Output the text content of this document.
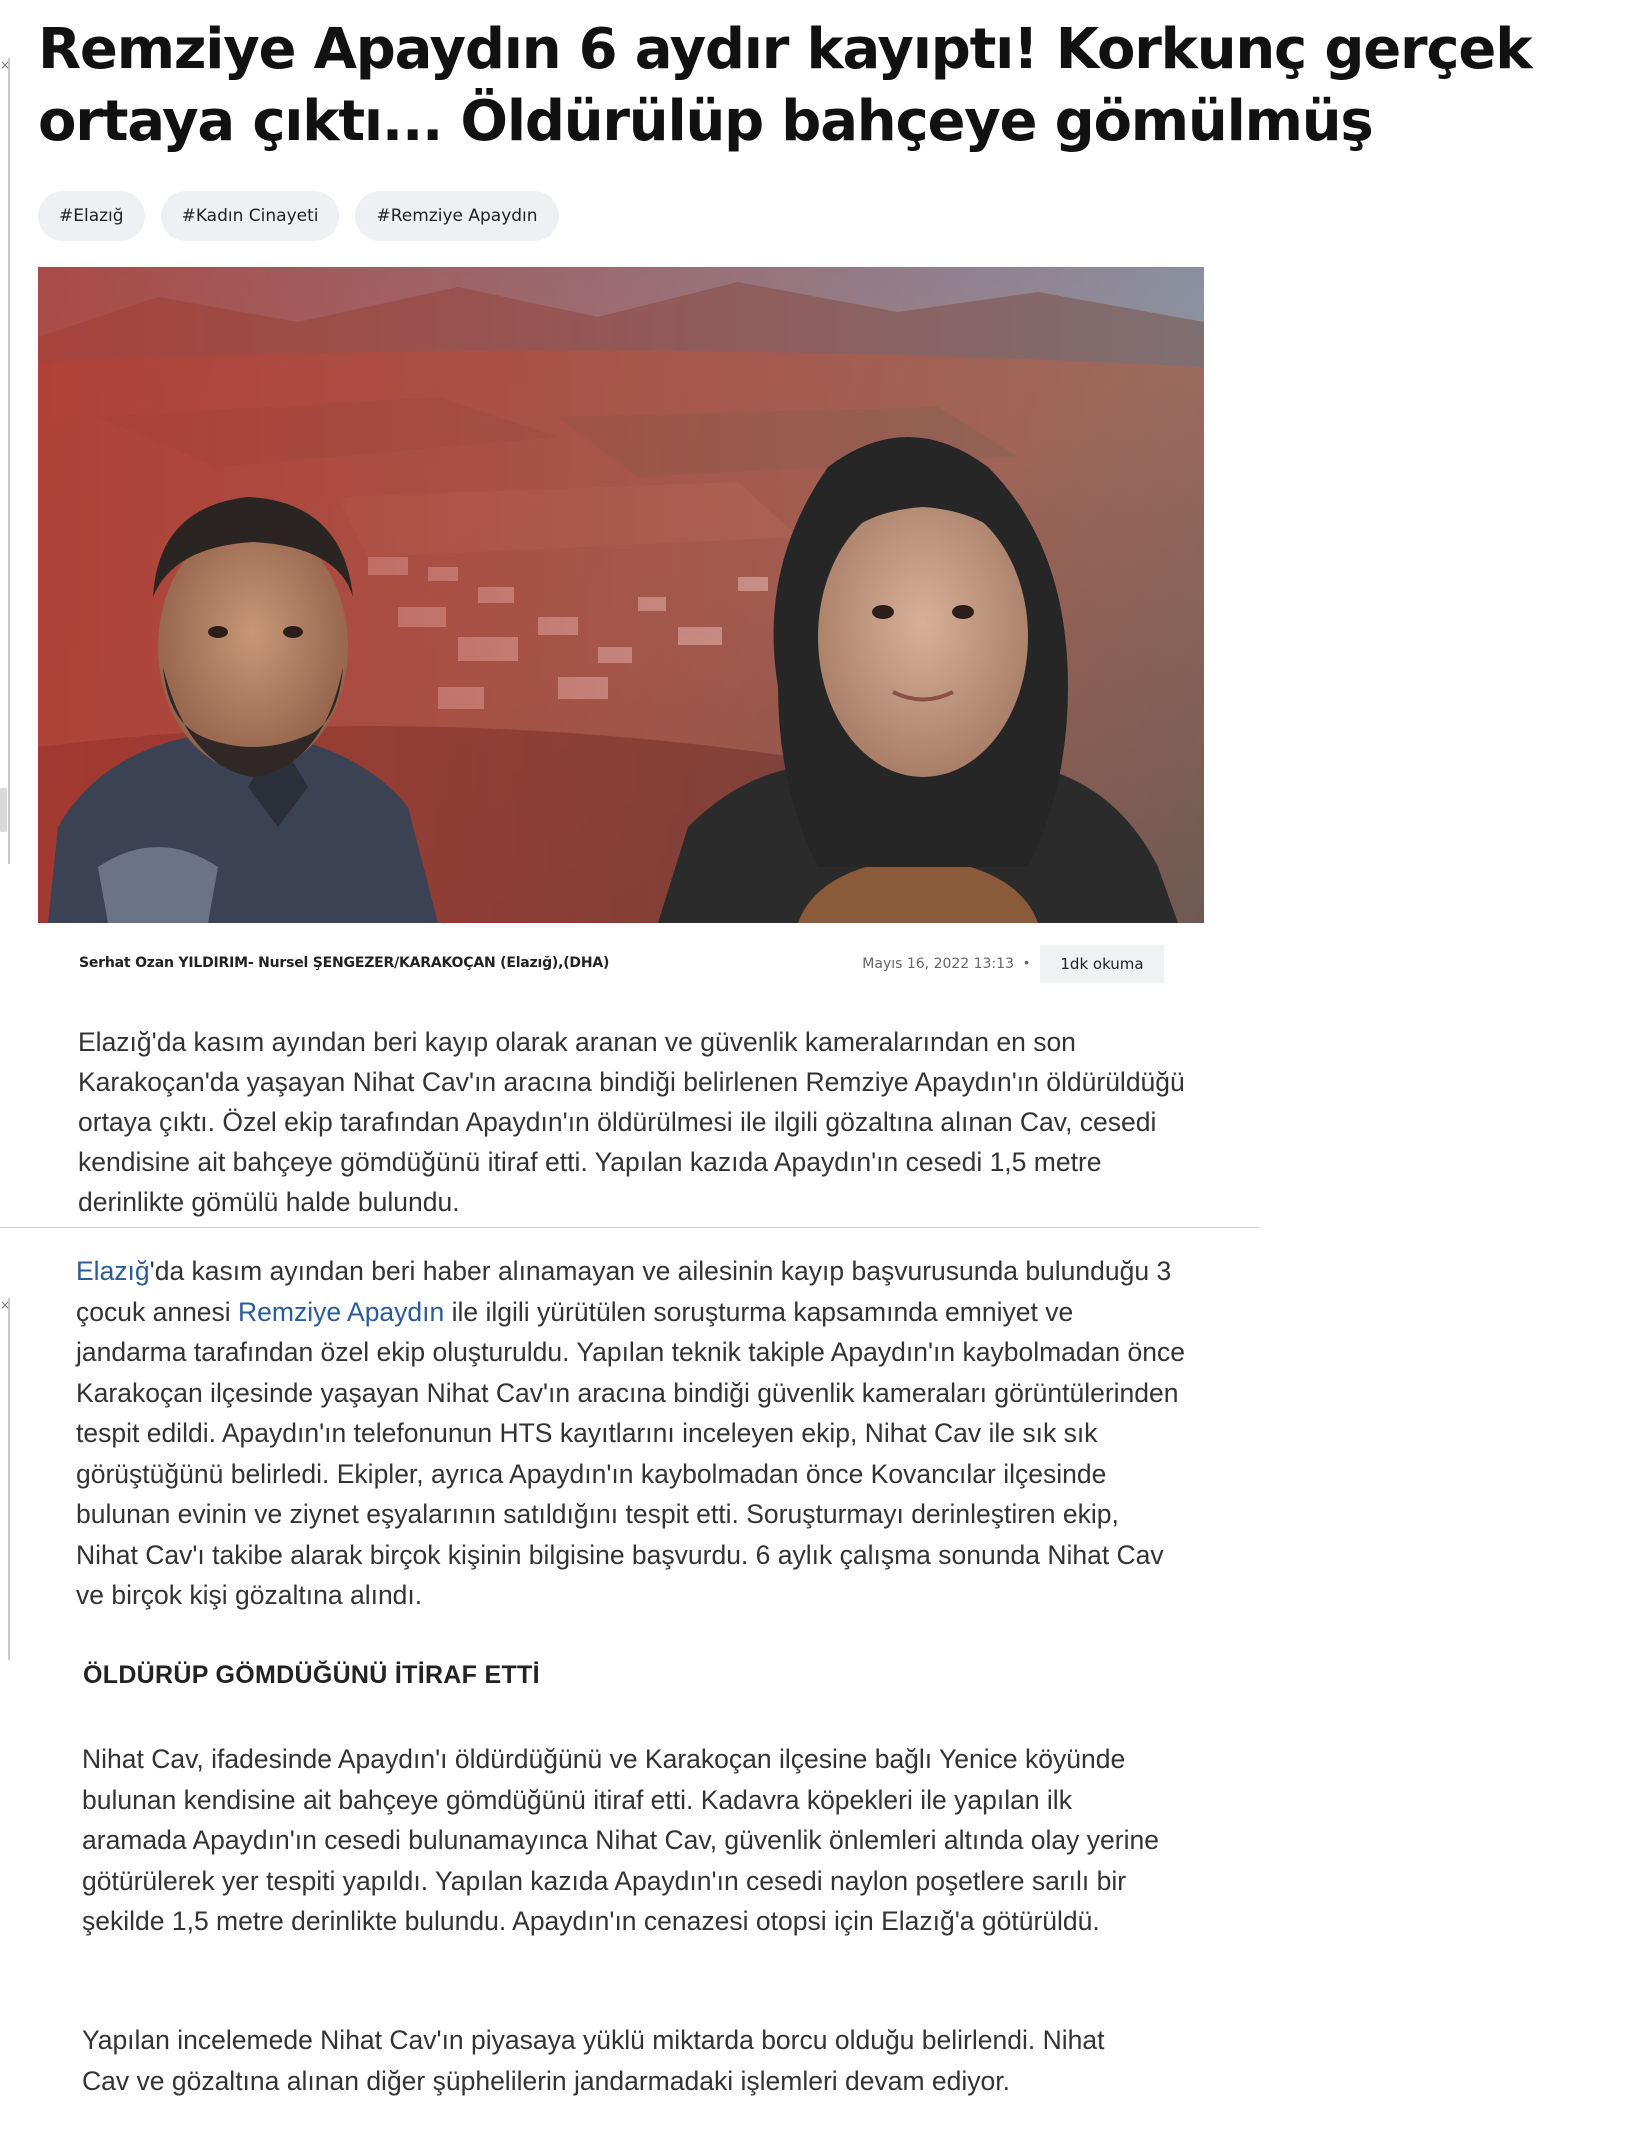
×
×
Remziye Apaydın 6 aydır kayıptı! Korkunç gerçek ortaya çıktı... Öldürülüp bahçeye gömülmüş
#Elazığ	#Kadın Cinayeti	#Remziye Apaydın
Serhat Ozan YILDIRIM- Nursel ŞENGEZER/KARAKOÇAN (Elazığ),(DHA)	Mayıs 16, 2022 13:13 •	1dk okuma

Elazığ'da kasım ayından beri kayıp olarak aranan ve güvenlik kameralarından en son Karakoçan'da yaşayan Nihat Cav'ın aracına bindiği belirlenen Remziye Apaydın'ın öldürüldüğü ortaya çıktı. Özel ekip tarafından Apaydın'ın öldürülmesi ile ilgili gözaltına alınan Cav, cesedi kendisine ait bahçeye gömdüğünü itiraf etti. Yapılan kazıda Apaydın'ın cesedi 1,5 metre derinlikte gömülü halde bulundu.

Elazığ'da kasım ayından beri haber alınamayan ve ailesinin kayıp başvurusunda bulunduğu 3 çocuk annesi Remziye Apaydın ile ilgili yürütülen soruşturma kapsamında emniyet ve jandarma tarafından özel ekip oluşturuldu. Yapılan teknik takiple Apaydın'ın kaybolmadan önce Karakoçan ilçesinde yaşayan Nihat Cav'ın aracına bindiği güvenlik kameraları görüntülerinden tespit edildi. Apaydın'ın telefonunun HTS kayıtlarını inceleyen ekip, Nihat Cav ile sık sık görüştüğünü belirledi. Ekipler, ayrıca Apaydın'ın kaybolmadan önce Kovancılar ilçesinde bulunan evinin ve ziynet eşyalarının satıldığını tespit etti. Soruşturmayı derinleştiren ekip, Nihat Cav'ı takibe alarak birçok kişinin bilgisine başvurdu. 6 aylık çalışma sonunda Nihat Cav ve birçok kişi gözaltına alındı.

ÖLDÜRÜP GÖMDÜĞÜNÜ İTİRAF ETTİ

Nihat Cav, ifadesinde Apaydın'ı öldürdüğünü ve Karakoçan ilçesine bağlı Yenice köyünde bulunan kendisine ait bahçeye gömdüğünü itiraf etti. Kadavra köpekleri ile yapılan ilk aramada Apaydın'ın cesedi bulunamayınca Nihat Cav, güvenlik önlemleri altında olay yerine götürülerek yer tespiti yapıldı. Yapılan kazıda Apaydın'ın cesedi naylon poşetlere sarılı bir şekilde 1,5 metre derinlikte bulundu. Apaydın'ın cenazesi otopsi için Elazığ'a götürüldü.

Yapılan incelemede Nihat Cav'ın piyasaya yüklü miktarda borcu olduğu belirlendi. Nihat Cav ve gözaltına alınan diğer şüphelilerin jandarmadaki işlemleri devam ediyor.
